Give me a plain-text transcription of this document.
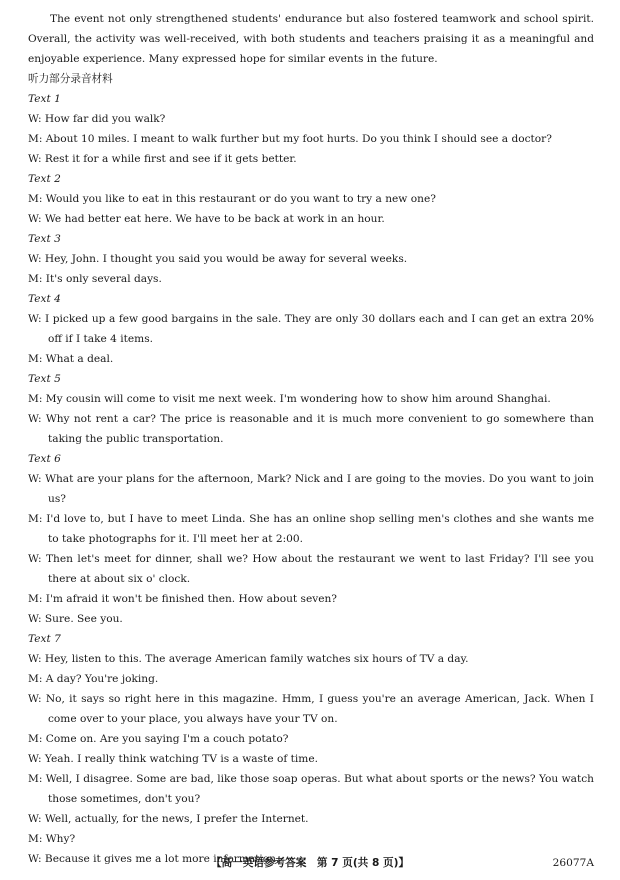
The event not only strengthened students' endurance but also fostered teamwork and school spirit. Overall, the activity was well-received, with both students and teachers praising it as a meaningful and enjoyable experience. Many expressed hope for similar events in the future.

听力部分录音材料
Text 1
W: How far did you walk?
M: About 10 miles. I meant to walk further but my foot hurts. Do you think I should see a doctor?
W: Rest it for a while first and see if it gets better.
Text 2
M: Would you like to eat in this restaurant or do you want to try a new one?
W: We had better eat here. We have to be back at work in an hour.
Text 3
W: Hey, John. I thought you said you would be away for several weeks.
M: It's only several days.
Text 4
W: I picked up a few good bargains in the sale. They are only 30 dollars each and I can get an extra 20% off if I take 4 items.
M: What a deal.
Text 5
M: My cousin will come to visit me next week. I'm wondering how to show him around Shanghai.
W: Why not rent a car? The price is reasonable and it is much more convenient to go somewhere than taking the public transportation.
Text 6
W: What are your plans for the afternoon, Mark? Nick and I are going to the movies. Do you want to join us?
M: I'd love to, but I have to meet Linda. She has an online shop selling men's clothes and she wants me to take photographs for it. I'll meet her at 2:00.
W: Then let's meet for dinner, shall we? How about the restaurant we went to last Friday? I'll see you there at about six o' clock.
M: I'm afraid it won't be finished then. How about seven?
W: Sure. See you.
Text 7
W: Hey, listen to this. The average American family watches six hours of TV a day.
M: A day? You're joking.
W: No, it says so right here in this magazine. Hmm, I guess you're an average American, Jack. When I come over to your place, you always have your TV on.
M: Come on. Are you saying I'm a couch potato?
W: Yeah. I really think watching TV is a waste of time.
M: Well, I disagree. Some are bad, like those soap operas. But what about sports or the news? You watch those sometimes, don't you?
W: Well, actually, for the news, I prefer the Internet.
M: Why?
W: Because it gives me a lot more information.
【高一英语参考答案　第 7 页(共 8 页)】	26077A
